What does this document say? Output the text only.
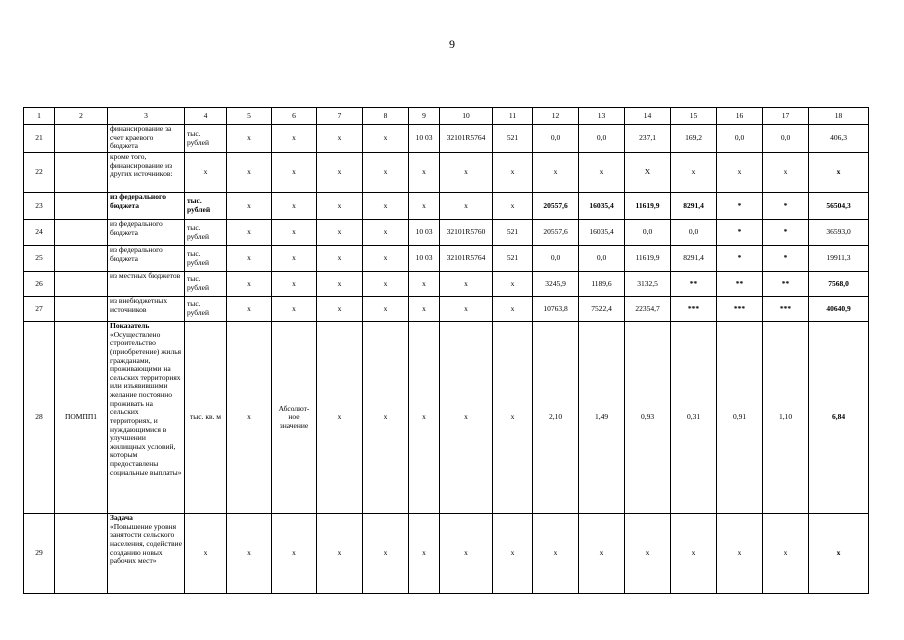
9
1	2	3	4	5	6	7	8	9	10	11	12	13	14	15	16	17	18
21		финансирование за счет краевого бюджета	тыс. рублей	x	x	x	x	10 03	32101R5764	521	0,0	0,0	237,1	169,2	0,0	0,0	406,3
22		кроме того, финансирование из других источников:	x	x	x	x	x	x	x	x	x	x	X	x	x	x	x
23		из федерального бюджета	тыс. рублей	x	x	x	x	x	x	x	20557,6	16035,4	11619,9	8291,4	*	*	56504,3
24		из федерального бюджета	тыс. рублей	x	x	x	x	10 03	32101R5760	521	20557,6	16035,4	0,0	0,0	*	*	36593,0
25		из федерального бюджета	тыс. рублей	x	x	x	x	10 03	32101R5764	521	0,0	0,0	11619,9	8291,4	*	*	19911,3
26		из местных бюджетов	тыс. рублей	x	x	x	x	x	x	x	3245,9	1189,6	3132,5	**	**	**	7568,0
27		из внебюджетных источников	тыс. рублей	x	x	x	x	x	x	x	10763,8	7522,4	22354,7	***	***	***	40640,9
28	ПОМПП1	Показатель
«Осуществлено строительство (приобретение) жилья гражданами, проживающими на сельских территориях или изъявившими желание постоянно проживать на сельских территориях, и нуждающимися в улучшении жилищных условий, которым предоставлены социальные выплаты»	тыс. кв. м	x	Абсолют-ное значение	x	x	x	x	x	2,10	1,49	0,93	0,31	0,91	1,10	6,84
29		Задача
«Повышение уровня занятости сельского населения, содействие созданию новых рабочих мест»	x	x	x	x	x	x	x	x	x	x	x	x	x	x	x
